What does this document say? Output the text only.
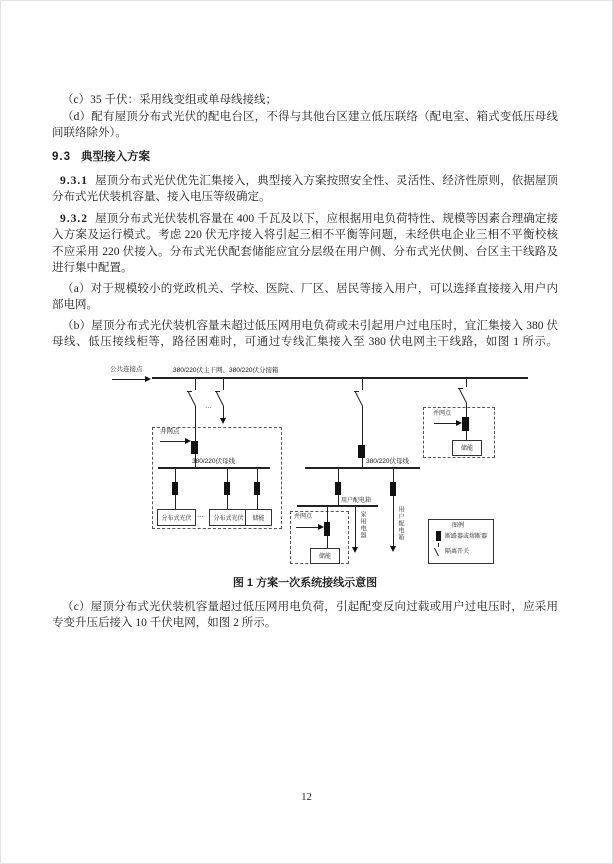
（c）35 千伏：采用线变组或单母线接线；
（d）配有屋顶分布式光伏的配电台区，不得与其他台区建立低压联络（配电室、箱式变低压母线
间联络除外）。
9.3 典型接入方案
9.3.1 屋顶分布式光伏优先汇集接入，典型接入方案按照安全性、灵活性、经济性原则，依据屋顶
分布式光伏装机容量、接入电压等级确定。
9.3.2 屋顶分布式光伏装机容量在 400 千瓦及以下，应根据用电负荷特性、规模等因素合理确定接
入方案及运行模式。考虑 220 伏无序接入将引起三相不平衡等问题，未经供电企业三相不平衡校核
不应采用 220 伏接入。分布式光伏配套储能应宜分层级在用户侧、分布式光伏侧、台区主干线路及
进行集中配置。
（a）对于规模较小的党政机关、学校、医院、厂区、居民等接入用户，可以选择直接接入用户内
部电网。
（b）屋顶分布式光伏装机容量未超过低压网用电负荷或未引起用户过电压时，宜汇集接入 380 伏
母线、低压接线柜等，路径困难时，可通过专线汇集接入至 380 伏电网主干线路，如图 1 所示。
公共连接点	380/220伏主干网、380/220伏分接箱
并网点
380/220伏母线
分布式光伏 …	分布式光伏	储能
…
380/220伏母线
用户配电箱
并网点
储能
家用电器	用户配电箱
并网点
储能
图例
断路器或熔断器
隔离开关
图 1 方案一次系统接线示意图
（c）屋顶分布式光伏装机容量超过低压网用电负荷，引起配变反向过载或用户过电压时，应采用
专变升压后接入 10 千伏电网，如图 2 所示。
12
